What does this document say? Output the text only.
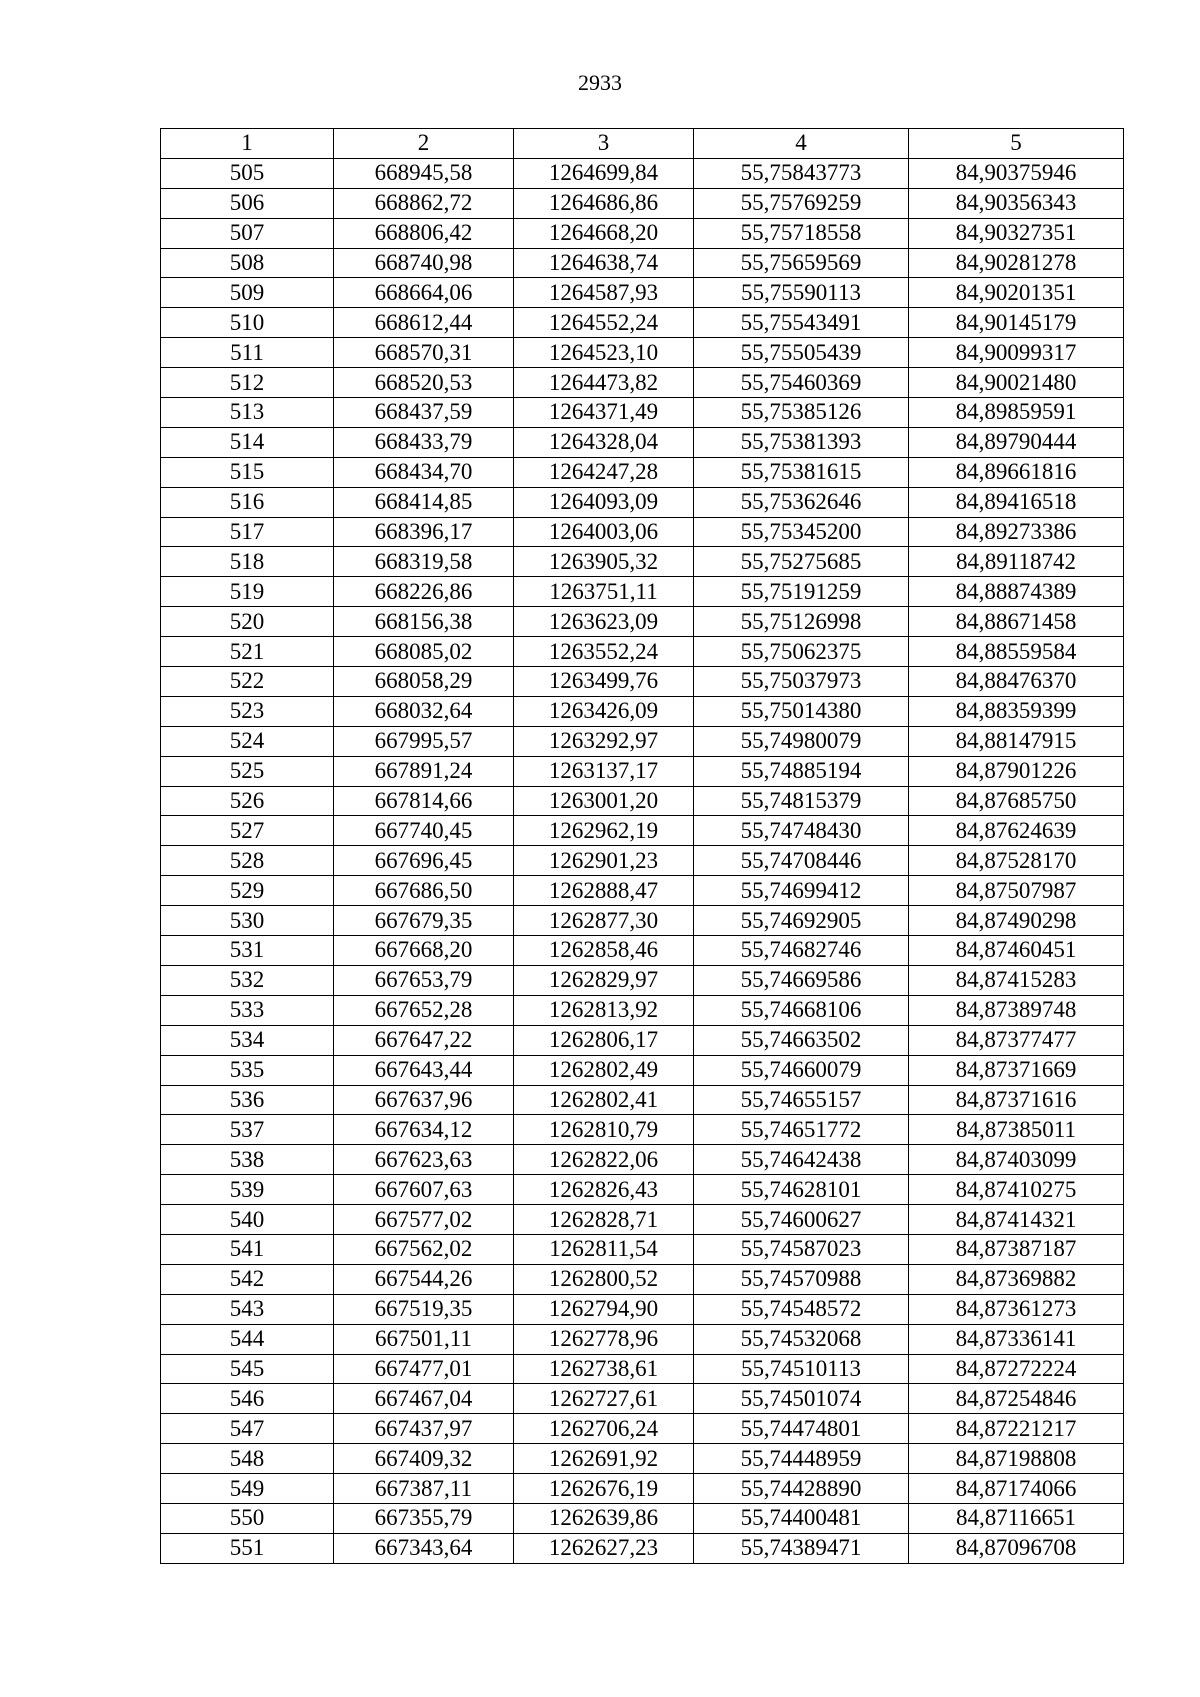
2933
1	2	3	4	5
505	668945,58	1264699,84	55,75843773	84,90375946
506	668862,72	1264686,86	55,75769259	84,90356343
507	668806,42	1264668,20	55,75718558	84,90327351
508	668740,98	1264638,74	55,75659569	84,90281278
509	668664,06	1264587,93	55,75590113	84,90201351
510	668612,44	1264552,24	55,75543491	84,90145179
511	668570,31	1264523,10	55,75505439	84,90099317
512	668520,53	1264473,82	55,75460369	84,90021480
513	668437,59	1264371,49	55,75385126	84,89859591
514	668433,79	1264328,04	55,75381393	84,89790444
515	668434,70	1264247,28	55,75381615	84,89661816
516	668414,85	1264093,09	55,75362646	84,89416518
517	668396,17	1264003,06	55,75345200	84,89273386
518	668319,58	1263905,32	55,75275685	84,89118742
519	668226,86	1263751,11	55,75191259	84,88874389
520	668156,38	1263623,09	55,75126998	84,88671458
521	668085,02	1263552,24	55,75062375	84,88559584
522	668058,29	1263499,76	55,75037973	84,88476370
523	668032,64	1263426,09	55,75014380	84,88359399
524	667995,57	1263292,97	55,74980079	84,88147915
525	667891,24	1263137,17	55,74885194	84,87901226
526	667814,66	1263001,20	55,74815379	84,87685750
527	667740,45	1262962,19	55,74748430	84,87624639
528	667696,45	1262901,23	55,74708446	84,87528170
529	667686,50	1262888,47	55,74699412	84,87507987
530	667679,35	1262877,30	55,74692905	84,87490298
531	667668,20	1262858,46	55,74682746	84,87460451
532	667653,79	1262829,97	55,74669586	84,87415283
533	667652,28	1262813,92	55,74668106	84,87389748
534	667647,22	1262806,17	55,74663502	84,87377477
535	667643,44	1262802,49	55,74660079	84,87371669
536	667637,96	1262802,41	55,74655157	84,87371616
537	667634,12	1262810,79	55,74651772	84,87385011
538	667623,63	1262822,06	55,74642438	84,87403099
539	667607,63	1262826,43	55,74628101	84,87410275
540	667577,02	1262828,71	55,74600627	84,87414321
541	667562,02	1262811,54	55,74587023	84,87387187
542	667544,26	1262800,52	55,74570988	84,87369882
543	667519,35	1262794,90	55,74548572	84,87361273
544	667501,11	1262778,96	55,74532068	84,87336141
545	667477,01	1262738,61	55,74510113	84,87272224
546	667467,04	1262727,61	55,74501074	84,87254846
547	667437,97	1262706,24	55,74474801	84,87221217
548	667409,32	1262691,92	55,74448959	84,87198808
549	667387,11	1262676,19	55,74428890	84,87174066
550	667355,79	1262639,86	55,74400481	84,87116651
551	667343,64	1262627,23	55,74389471	84,87096708
